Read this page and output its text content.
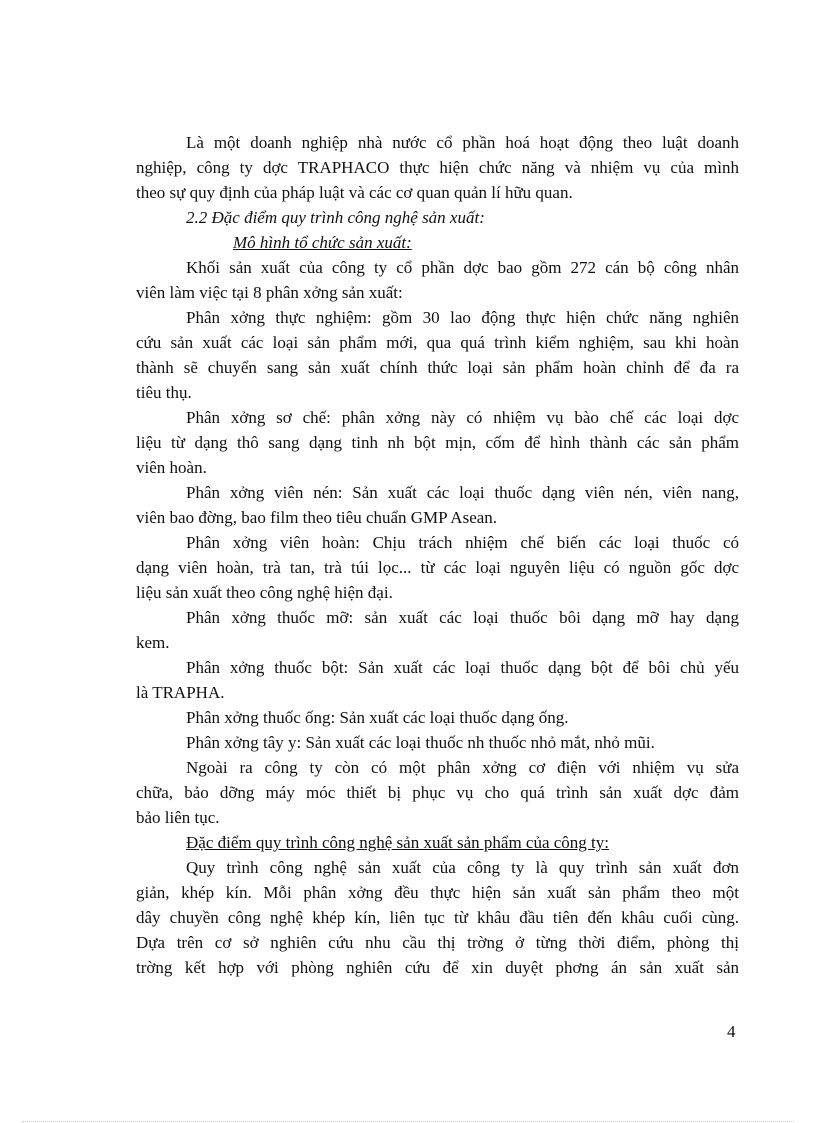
Là một doanh nghiệp nhà nước cổ phần hoá hoạt động theo luật doanh
nghiệp, công ty dợc TRAPHACO thực hiện chức năng và nhiệm vụ của mình
theo sự quy định của pháp luật và các cơ quan quản lí hữu quan.
2.2 Đặc điểm quy trình công nghệ sản xuất:
Mô hình tổ chức sản xuất:
Khối sản xuất của công ty cổ phần dợc bao gồm 272 cán bộ công nhân
viên làm việc tại 8 phân xởng sản xuất:
Phân xởng thực nghiệm: gồm 30 lao động thực hiện chức năng nghiên
cứu sản xuất các loại sản phẩm mới, qua quá trình kiểm nghiệm, sau khi hoàn
thành sẽ chuyển sang sản xuất chính thức loại sản phẩm hoàn chỉnh để đa ra
tiêu thụ.
Phân xởng sơ chế: phân xởng này có nhiệm vụ bào chế các loại dợc
liệu từ dạng thô sang dạng tinh nh bột mịn, cốm để hình thành các sản phẩm
viên hoàn.
Phân xởng viên nén: Sản xuất các loại thuốc dạng viên nén, viên nang,
viên bao đờng, bao film theo tiêu chuẩn GMP Asean.
Phân xởng viên hoàn: Chịu trách nhiệm chế biến các loại thuốc có
dạng viên hoàn, trà tan, trà túi lọc... từ các loại nguyên liệu có nguồn gốc dợc
liệu sản xuất theo công nghệ hiện đại.
Phân xởng thuốc mỡ: sản xuất các loại thuốc bôi dạng mỡ hay dạng
kem.
Phân xởng thuốc bột: Sản xuất các loại thuốc dạng bột để bôi chủ yếu
là TRAPHA.
Phân xởng thuốc ống: Sản xuất các loại thuốc dạng ống.
Phân xởng tây y: Sản xuất các loại thuốc nh thuốc nhỏ mắt, nhỏ mũi.
Ngoài ra công ty còn có một phân xởng cơ điện với nhiệm vụ sửa
chữa, bảo dỡng máy móc thiết bị phục vụ cho quá trình sản xuất dợc đảm
bảo liên tục.
Đặc điểm quy trình công nghệ sản xuất sản phẩm của công ty:
Quy trình công nghệ sản xuất của công ty là quy trình sản xuất đơn
giản, khép kín. Mỗi phân xởng đều thực hiện sản xuất sản phẩm theo một
dây chuyền công nghệ khép kín, liên tục từ khâu đầu tiên đến khâu cuối cùng.
Dựa trên cơ sở nghiên cứu nhu cầu thị trờng ở từng thời điểm, phòng thị
trờng kết hợp với phòng nghiên cứu để xin duyệt phơng án sản xuất sản
4
